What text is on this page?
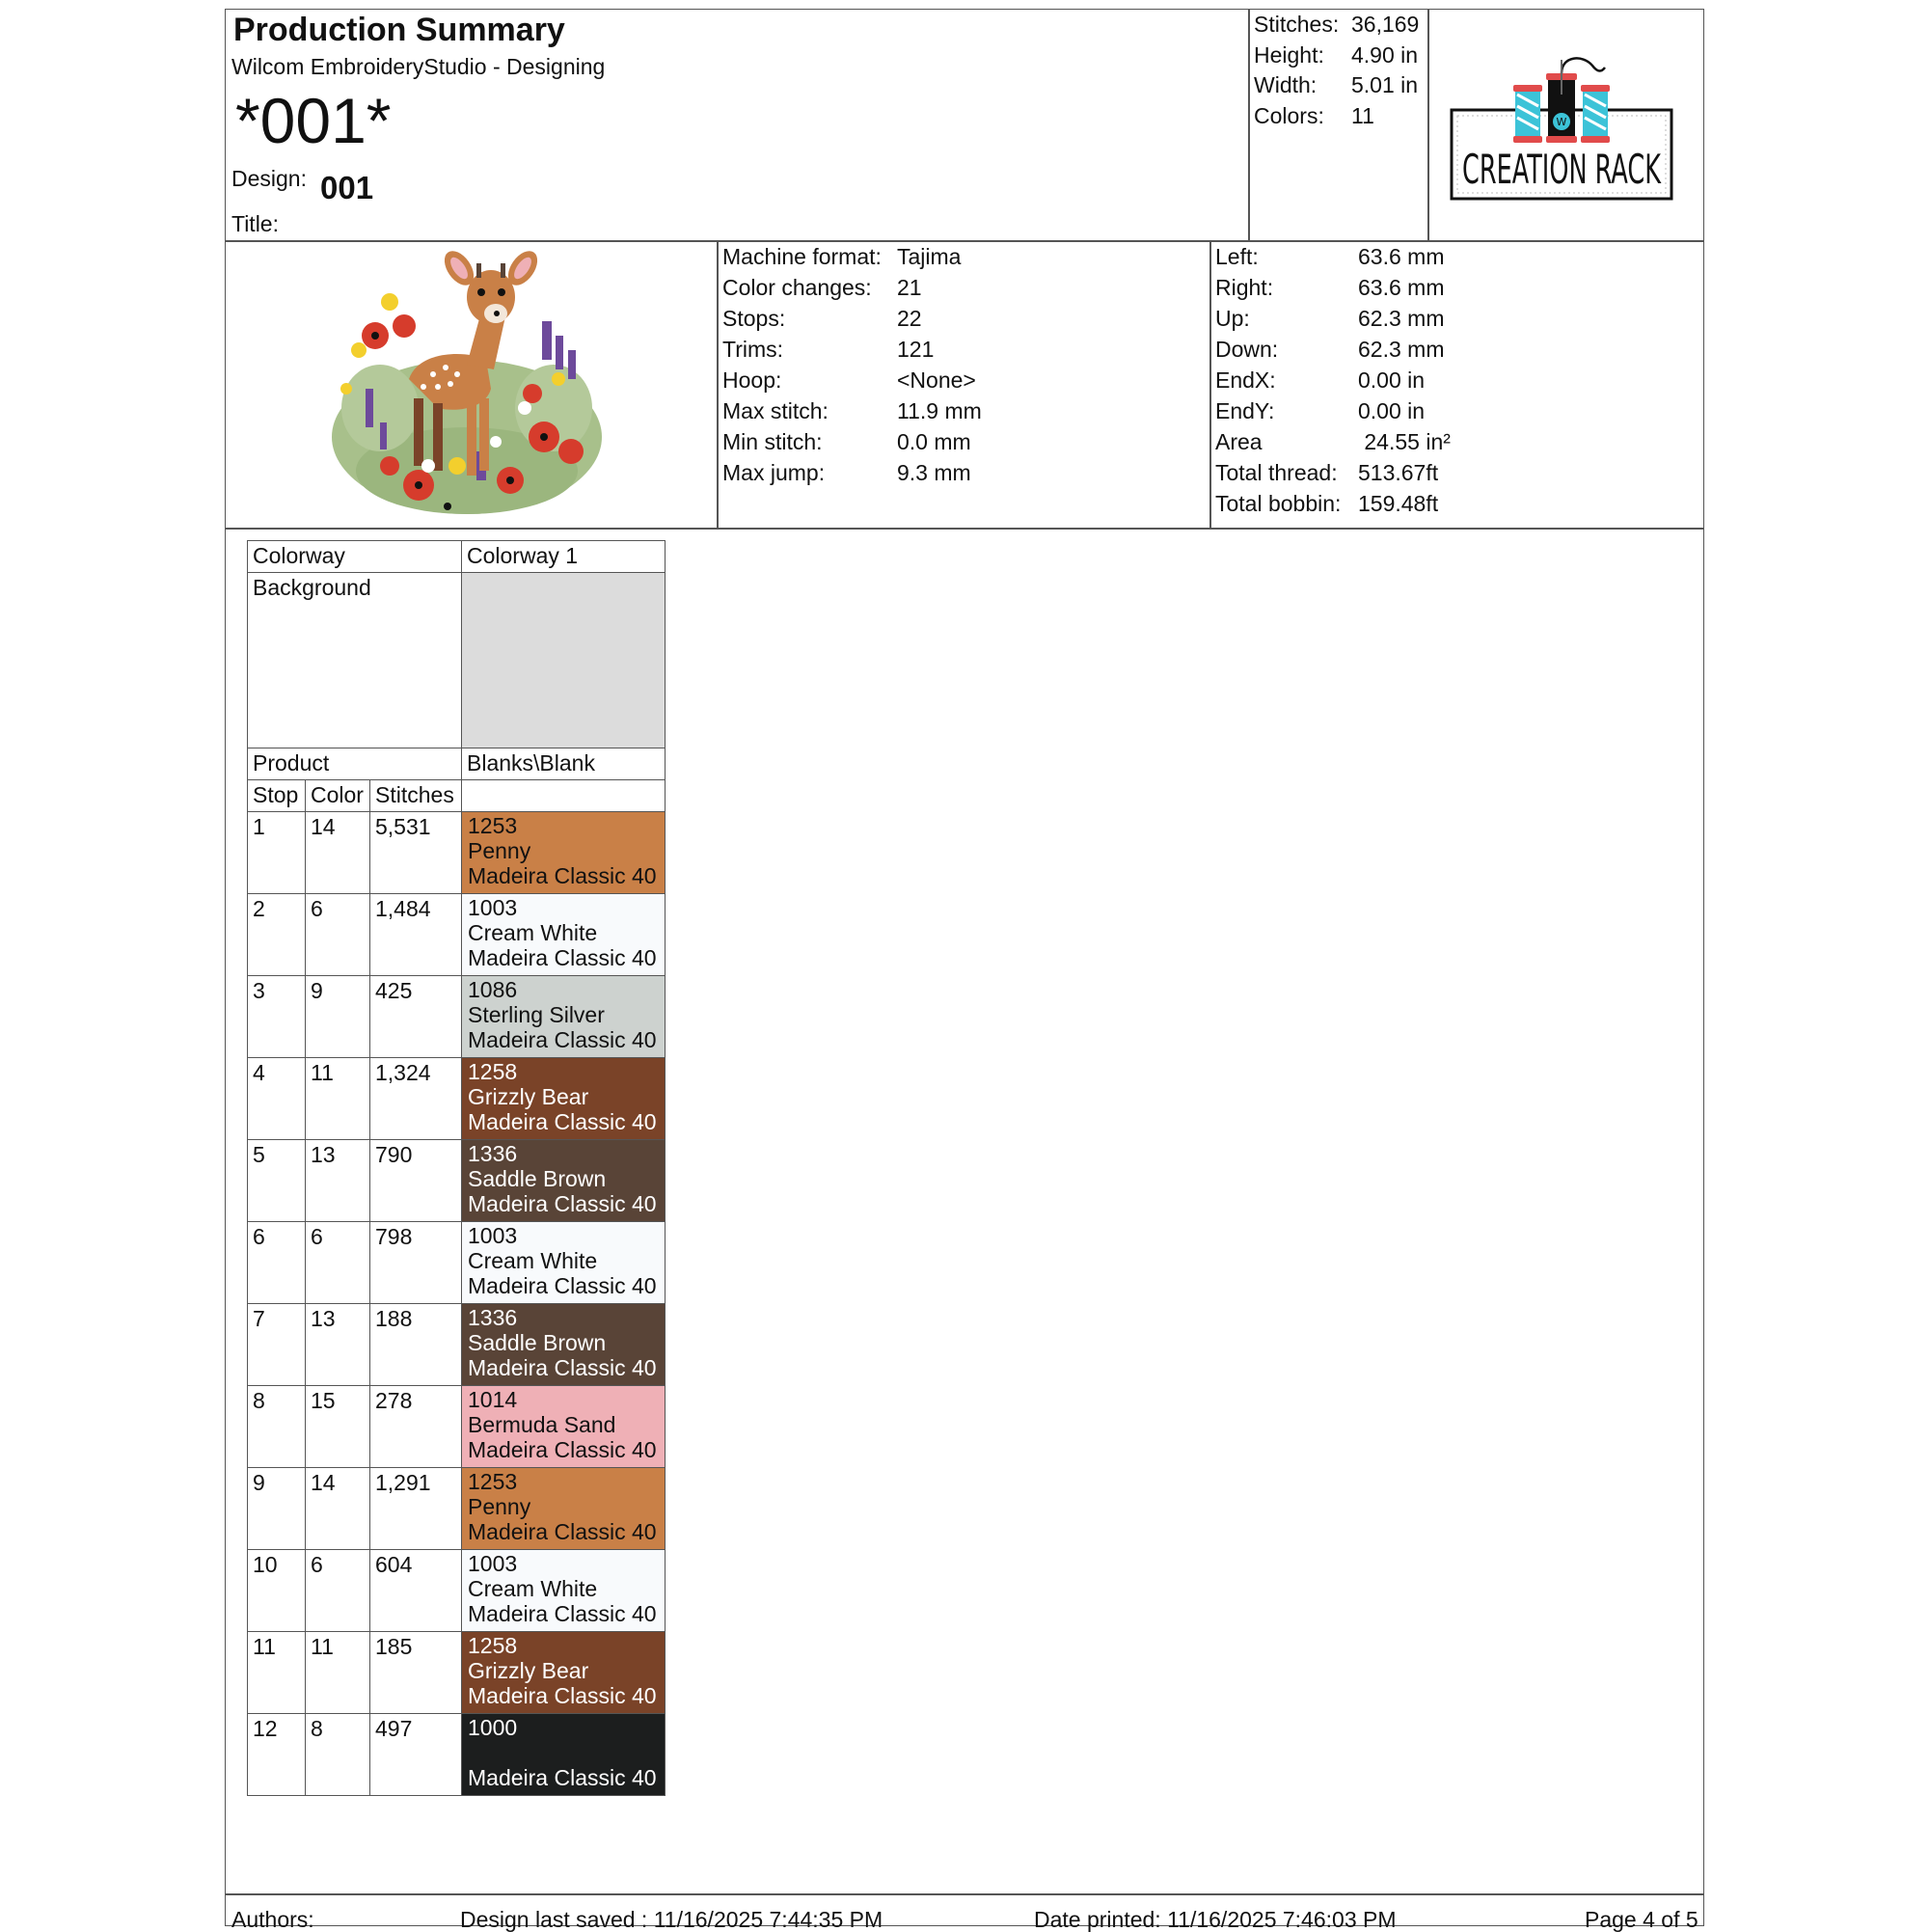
Production Summary
Wilcom EmbroideryStudio - Designing
*001*
Design: 001
Title:
Stitches: 36,169
Height: 4.90 in
Width: 5.01 in
Colors: 11	W
CREATION RACK
Machine format: Tajima
Color changes: 21
Stops:	22
Trims:	121
Hoop:	<None>
Max stitch:	11.9 mm
Min stitch:	0.0 mm
Max jump:	9.3 mm
Left:	63.6 mm
Right:	63.6 mm
Up:	62.3 mm
Down:	62.3 mm
EndX:	0.00 in
EndY:	0.00 in
Area	24.55 in²
Total thread: 513.67ft
Total bobbin: 159.48ft
Colorway			Colorway 1
Background			
Product			Blanks\Blank
Stop	Color	Stitches	
1	14	5,531	1253
Penny
Madeira Classic 40

2	6	1,484	1003
Cream White
Madeira Classic 40

3	9	425	1086
Sterling Silver
Madeira Classic 40

4	11	1,324	1258
Grizzly Bear
Madeira Classic 40

5	13	790	1336
Saddle Brown
Madeira Classic 40

6	6	798	1003
Cream White
Madeira Classic 40

7	13	188	1336
Saddle Brown
Madeira Classic 40

8	15	278	1014
Bermuda Sand
Madeira Classic 40

9	14	1,291	1253
Penny
Madeira Classic 40

10	6	604	1003
Cream White
Madeira Classic 40

11	11	185	1258
Grizzly Bear
Madeira Classic 40

12	8	497	1000
Madeira Classic 40
Authors:	Design last saved : 11/16/2025 7:44:35 PM	Date printed: 11/16/2025 7:46:03 PM	Page 4 of 5
